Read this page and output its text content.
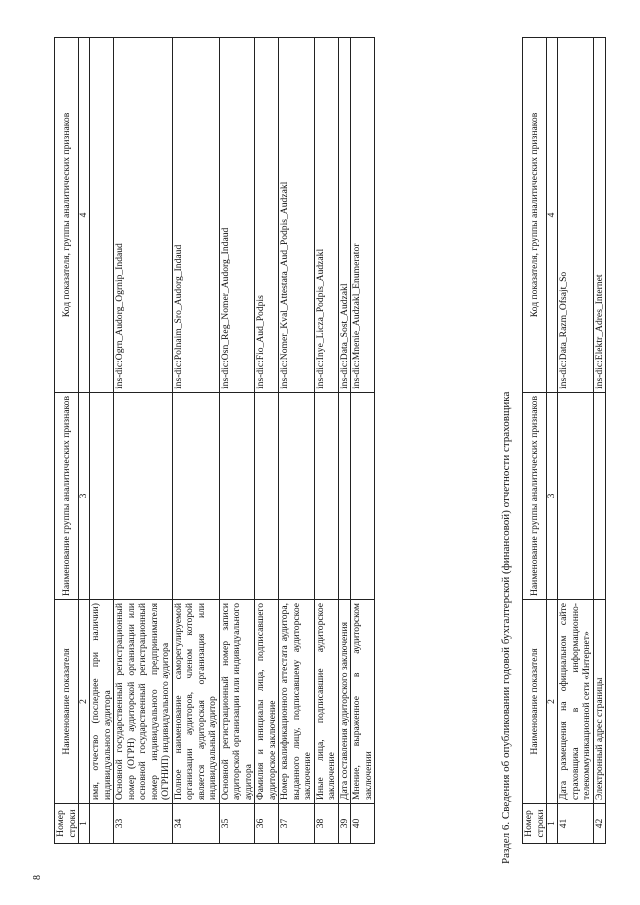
8
Номер строки	Наименование показателя	Наименование группы аналитических признаков	Код показателя, группы аналитических признаков
1	2	3	4
	имя, отчество (последнее при наличии) индивидуального аудитора		
33	Основной государственный регистрационный номер (ОГРН) аудиторской организации или основной государственный регистрационный номер индивидуального предпринимателя (ОГРНИП) индивидуального аудитора		ins-dic:Ogrn_Audorg_Ogrnip_Indaud
34	Полное наименование саморегулируемой организации аудиторов, членом которой является аудиторская организация или индивидуальный аудитор		ins-dic:Polnaim_Sro_Audorg_Indaud
35	Основной регистрационный номер записи аудиторской организации или индивидуального аудитора		ins-dic:Osn_Reg_Nomer_Audorg_Indaud
36	Фамилия и инициалы лица, подписавшего аудиторское заключение		ins-dic:Fio_Aud_Podpis
37	Номер квалификационного аттестата аудитора, выданного лицу, подписавшему аудиторское заключение		ins-dic:Nomer_Kval_Attestata_Aud_Podpis_Audzakl
38	Иные лица, подписавшие аудиторское заключение		ins-dic:Inye_Licza_Podpis_Audzakl
39	Дата составления аудиторского заключения		ins-dic:Data_Sost_Audzakl
40	Мнение, выраженное в аудиторском заключении		ins-dic:Mnenie_Audzakl_Enumerator
Раздел 6. Сведения об опубликовании годовой бухгалтерской (финансовой) отчетности страховщика Номер строки	Наименование показателя	Наименование группы аналитических признаков	Код показателя, группы аналитических признаков
1	2	3	4
41	Дата размещения на официальном сайте страховщика в информационно-телекоммуникационной сети «Интернет»		ins-dic:Data_Razm_Ofsajt_So
42	Электронный адрес страницы		ins-dic:Elektr_Adres_Internet
